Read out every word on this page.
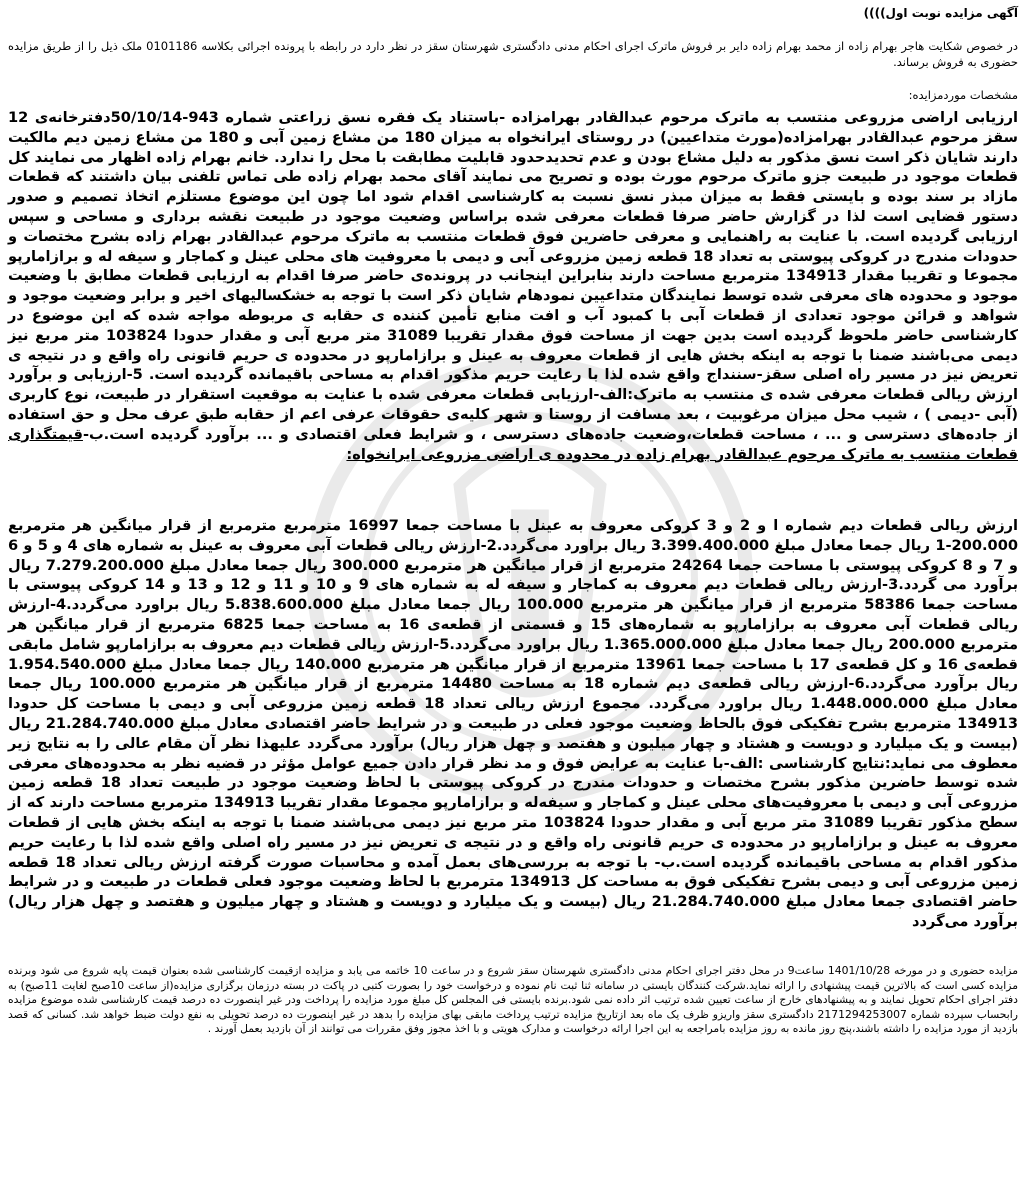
آگهی مزایده نوبت اول))))
در خصوص شکایت هاجر بهرام زاده از محمد بهرام زاده دایر بر فروش ماترک اجرای احکام مدنی دادگستری شهرستان سقز در نظر دارد در رابطه با پرونده اجرائی بکلاسه 0101186 ملک ذیل را از طریق مزایده حضوری به فروش برساند.
مشخصات موردمزایده:
ارزیابی اراضی مزروعی منتسب به ماترک مرحوم عبدالقادر بهرامزاده -باستناد یک فقره نسق زراعتی شماره 943-50/10/14دفترخانه‌ی 12 سقز مرحوم عبدالقادر بهرامزاده(مورث متداعیین) در روستای ایرانخواه به میزان 180 من مشاع زمین آبی و 180 من مشاع زمین دیم مالکیت دارند شایان ذکر است نسق مذکور به دلیل مشاع بودن و عدم تحدیدحدود قابلیت مطابقت با محل را ندارد. خانم بهرام زاده اظهار می نمایند کل قطعات موجود در طبیعت جزو ماترک مرحوم مورث بوده و تصریح می نمایند آقای محمد بهرام زاده طی تماس تلفنی بیان داشتند که قطعات مازاد بر سند بوده و بایستی فقط به میزان مبذر نسق نسبت به کارشناسی اقدام شود اما چون این موضوع مستلزم اتخاذ تصمیم و صدور دستور قضایی است لذا در گزارش حاضر صرفا قطعات معرفی شده براساس وضعیت موجود در طبیعت نقشه برداری و مساحی و سپس ارزیابی گردیده است. با عنایت به راهنمایی و معرفی حاضرین فوق قطعات منتسب به ماترک مرحوم عبدالقادر بهرام زاده بشرح مختصات و حدودات مندرج در کروکی پیوستی به تعداد 18 قطعه زمین مزروعی آبی و دیمی با معروفیت های محلی عینل و کماجار و سیفه له و برازامارپو مجموعا و تقریبا مقدار 134913 مترمربع مساحت دارند بنابراین اینجانب در پرونده‌ی حاضر صرفا اقدام به ارزیابی قطعات مطابق با وضعیت موجود و محدوده های معرفی شده توسط نمایندگان متداعیین نمودهام شایان ذکر است با توجه به خشکسالیهای اخیر و برابر وضعیت موجود و شواهد و قرائن موجود تعدادی از قطعات آبی با کمبود آب و افت منابع تأمین کننده ی حقابه ی مربوطه مواجه شده که این موضوع در کارشناسی حاضر ملحوظ گردیده است بدین جهت از مساحت فوق مقدار تقریبا 31089 متر مربع آبی و مقدار حدودا 103824 متر مربع نیز دیمی می‌باشند ضمنا با توجه به اینکه بخش هایی از قطعات معروف به عینل و برازامارپو در محدوده ی حریم قانونی راه واقع و در نتیجه ی تعریض نیز در مسیر راه اصلی سقز-سننداج واقع شده لذا با رعایت حریم مذکور اقدام به مساحی باقیمانده گردیده است. 5-ارزیابی و برآورد ارزش ریالی قطعات معرفی شده ی منتسب به ماترک:الف-ارزیابی قطعات معرفی شده با عنایت به موقعیت استقرار در طبیعت، نوع کاربری (آبی -دیمی ) ، شیب محل میزان مرغوبیت ، بعد مسافت از روستا و شهر کلیه‌ی حقوقات عرفی اعم از حقابه طبق عرف محل و حق استفاده از جاده‌های دسترسی و ... ، مساحت قطعات،وضعیت جاده‌های دسترسی ، و شرایط فعلی اقتصادی و ... برآورد گردیده است.ب-قیمتگذاری قطعات منتسب به ماترک مرحوم عبدالقادر بهرام زاده در محدوده ی اراضی مزروعی ایرانخواه:
ارزش ریالی قطعات دیم شماره ا و 2 و 3 کروکی معروف به عینل با مساحت جمعا 16997 مترمربع مترمربع از قرار میانگین هر مترمربع 200.000-1 ریال جمعا معادل مبلغ 3.399.400.000 ریال براورد می‌گردد.2-ارزش ریالی قطعات آبی معروف به عینل به شماره های 4 و 5 و 6 و 7 و 8 کروکی پیوستی با مساحت جمعا 24264 مترمربع از قرار میانگین هر مترمربع 300.000 ریال جمعا معادل مبلغ 7.279.200.000 ریال برآورد می گردد.3-ارزش ریالی قطعات دیم معروف به کماجار و سیفه له به شماره های 9 و 10 و 11 و 12 و 13 و 14 کروکی پیوستی با مساحت جمعا 58386 مترمربع از قرار میانگین هر مترمربع 100.000 ریال جمعا معادل مبلغ 5.838.600.000 ریال براورد می‌گردد.4-ارزش ریالی قطعات آبی معروف به برازامارپو به شماره‌های 15 و قسمتی از قطعه‌ی 16 به مساحت جمعا 6825 مترمربع از قرار میانگین هر مترمربع 200.000 ریال جمعا معادل مبلغ 1.365.000.000 ریال براورد می‌گردد.5-ارزش ریالی قطعات دیم معروف به برازامارپو شامل مابقی قطعه‌ی 16 و کل قطعه‌ی 17 با مساحت جمعا 13961 مترمربع از قرار میانگین هر مترمربع 140.000 ریال جمعا معادل مبلغ 1.954.540.000 ریال برآورد می‌گردد.6-ارزش ریالی قطعه‌ی دیم شماره 18 به مساحت 14480 مترمربع از قرار میانگین هر مترمربع 100.000 ریال جمعا معادل مبلغ 1.448.000.000 ریال براورد می‌گردد. مجموع ارزش ریالی تعداد 18 قطعه زمین مزروعی آبی و دیمی با مساحت کل حدودا 134913 مترمربع بشرح تفکیکی فوق بالحاظ وضعیت موجود فعلی در طبیعت و در شرایط حاضر اقتصادی معادل مبلغ 21.284.740.000 ریال (بیست و یک میلیارد و دویست و هشتاد و چهار میلیون و هفتصد و چهل هزار ریال) برآورد می‌گردد علیهذا نظر آن مقام عالی را به نتایج زیر معطوف می نماید:نتایج کارشناسی :الف-با عنایت به عرایض فوق و مد نظر قرار دادن جمیع عوامل مؤثر در قضیه نظر به محدوده‌های معرفی شده توسط حاضرین مذکور بشرح مختصات و حدودات مندرج در کروکی پیوستی با لحاظ وضعیت موجود در طبیعت تعداد 18 قطعه زمین مزروعی آبی و دیمی با معروفیت‌های محلی عینل و کماجار و سیفه‌له و برازامارپو مجموعا مقدار تقریبا 134913 مترمربع مساحت دارند که از سطح مذکور تقریبا 31089 متر مربع آبی و مقدار حدودا 103824 متر مربع نیز دیمی می‌باشند ضمنا با توجه به اینکه بخش هایی از قطعات معروف به عینل و برازامارپو در محدوده ی حریم قانونی راه واقع و در نتیجه ی تعریض نیز در مسیر راه اصلی واقع شده لذا با رعایت حریم مذکور اقدام به مساحی باقیمانده گردیده است.ب- با توجه به بررسی‌های بعمل آمده و محاسبات صورت گرفته ارزش ریالی تعداد 18 قطعه زمین مزروعی آبی و دیمی بشرح تفکیکی فوق به مساحت کل 134913 مترمربع با لحاظ وضعیت موجود فعلی قطعات در طبیعت و در شرایط حاضر اقتصادی جمعا معادل مبلغ 21.284.740.000 ریال (بیست و یک میلیارد و دویست و هشتاد و چهار میلیون و هفتصد و چهل هزار ریال) برآورد می‌گردد
مزایده حضوری و در مورخه 1401/10/28 ساعت9 در محل دفتر اجرای احکام مدنی دادگستری شهرستان سقز شروع و در ساعت 10 خاتمه می یابد و مزایده ازقیمت کارشناسی شده بعنوان قیمت پایه شروع می شود وبرنده مزایده کسی است که بالاترین قیمت پیشنهادی را ارائه نماید.شرکت کنندگان بایستی در سامانه ثنا ثبت نام نموده و درخواست خود را بصورت کتبی در پاکت در بسته درزمان برگزاری مزایده(از ساعت 10صبح لغایت 11صبح) به دفتر اجرای احکام تحویل نمایند و به پیشنهادهای خارج از ساعت تعیین شده ترتیب اثر داده نمی شود.برنده بایستی فی المجلس کل مبلغ مورد مزایده را پرداخت ودر غیر اینصورت ده درصد قیمت کارشناسی شده موضوع مزایده رابحساب سپرده شماره 2171294253007 دادگستری سقز واریزو ظرف یک ماه بعد ازتاریخ مزایده ترتیب پرداخت مابقی بهای مزایده را بدهد در غیر اینصورت ده درصد تحویلی به نفع دولت ضبط خواهد شد. کسانی که قصد بازدید از مورد مزایده را داشته باشند،پنج روز مانده به روز مزایده بامراجعه به این اجرا ارائه درخواست و مدارک هویتی و با اخذ مجوز وفق مقررات می توانند از آن بازدید بعمل آورند .
